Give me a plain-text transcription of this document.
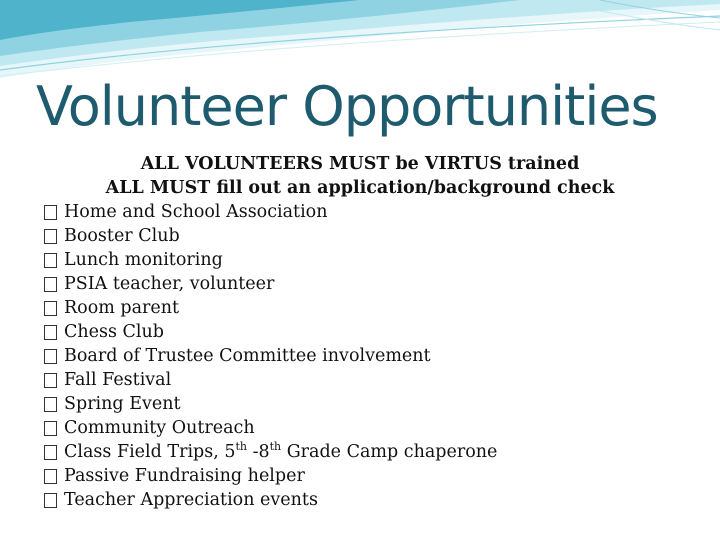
Volunteer Opportunities
ALL VOLUNTEERS MUST be VIRTUS trained
ALL MUST fill out an application/background check
Home and School Association
Booster Club
Lunch monitoring
PSIA teacher, volunteer
Room parent
Chess Club
Board of Trustee Committee involvement
Fall Festival
Spring Event
Community Outreach
Class Field Trips, 5th -8th Grade Camp chaperone
Passive Fundraising helper
Teacher Appreciation events
